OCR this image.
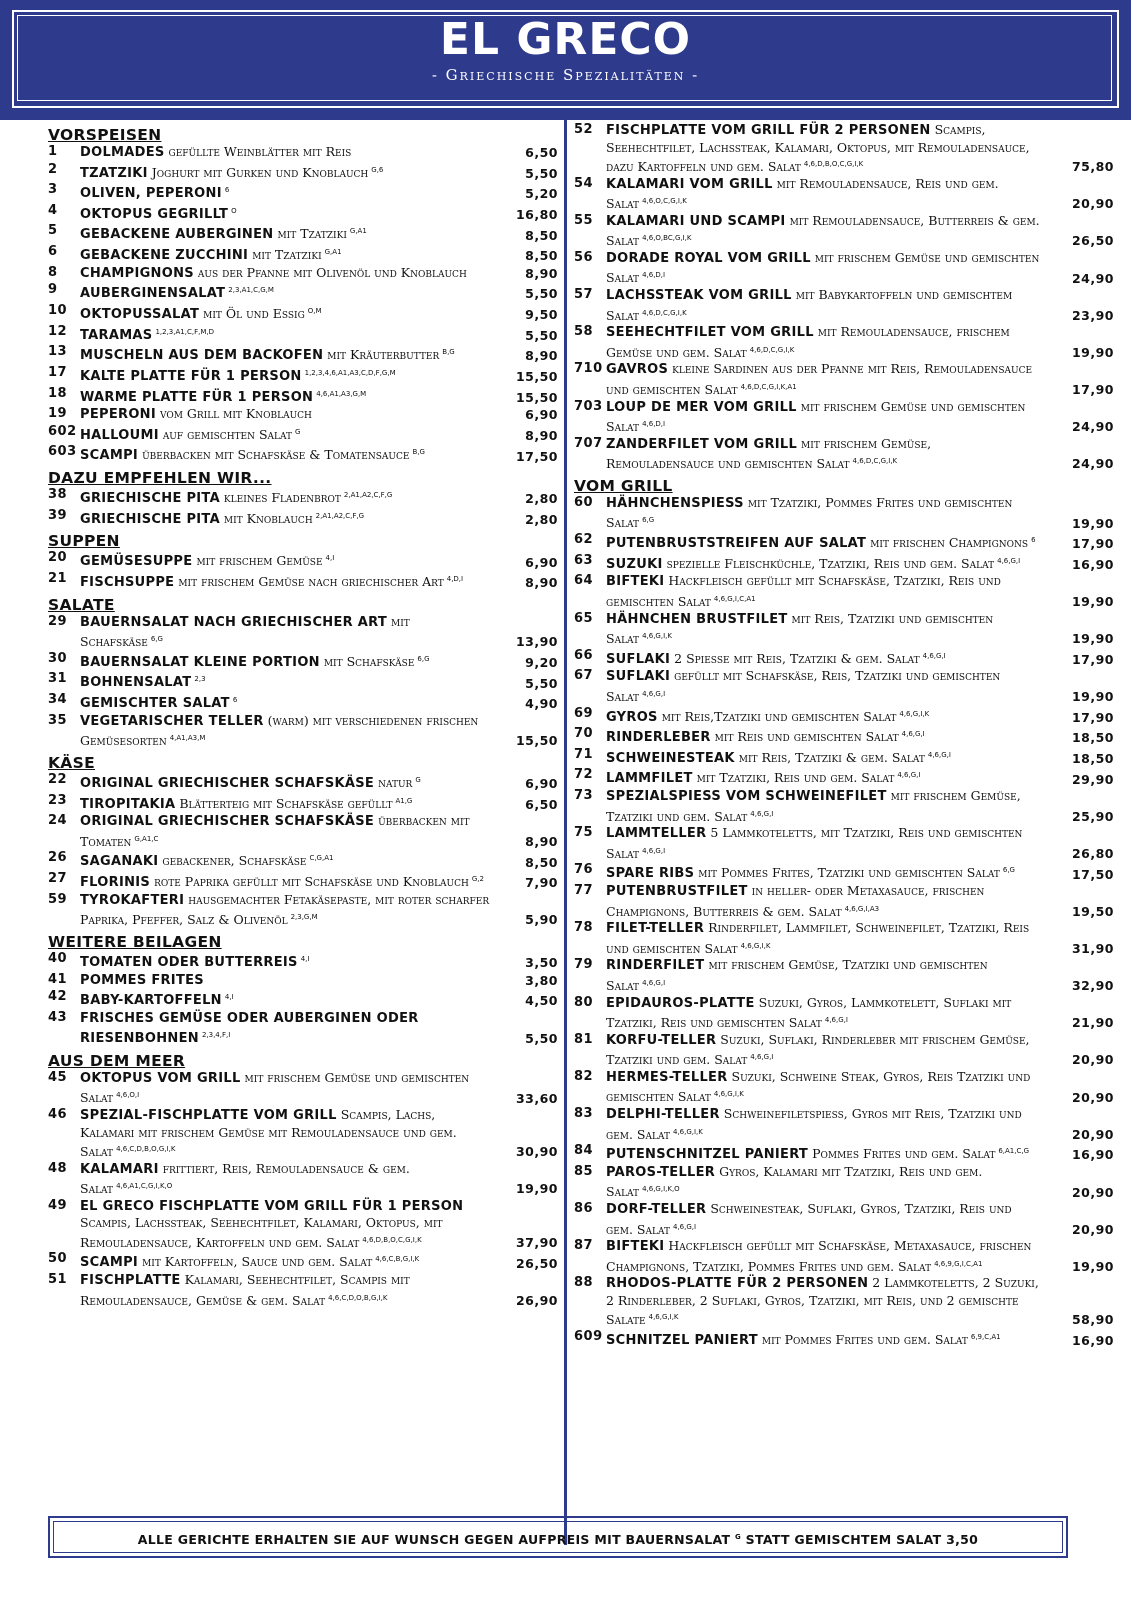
EL GRECO
- Griechische Spezialitäten -
VORSPEISEN
1	DOLMADES gefüllte Weinblätter mit Reis	6,50
2	TZATZIKI Joghurt mit Gurken und Knoblauch $^{G,6}$	5,50
3	OLIVEN, PEPERONI $^6$	5,20
4	OKTOPUS GEGRILLT $^O$	16,80
5	GEBACKENE AUBERGINEN mit Tzatziki $^{G,A1}$	8,50
6	GEBACKENE ZUCCHINI mit Tzatziki $^{G,A1}$	8,50
8	CHAMPIGNONS aus der Pfanne mit Olivenöl und Knoblauch	8,90
9	AUBERGINENSALAT $^{2,3,A1,C,G,M}$	5,50
10 OKTOPUSSALAT mit Öl und Essig $^{O,M}$	9,50
12 TARAMAS $^{1,2,3,A1,C,F,M,D}$	5,50
13 MUSCHELN AUS DEM BACKOFEN mit Kräuterbutter $^{B,G}$	8,90
17 KALTE PLATTE FÜR 1 PERSON $^{1,2,3,4,6,A1,A3,C,D,F,G,M}$	15,50
18 WARME PLATTE FÜR 1 PERSON $^{4,6,A1,A3,G,M}$	15,50
19 PEPERONI vom Grill mit Knoblauch	6,90
602 HALLOUMI auf gemischten Salat $^G$	8,90
603 SCAMPI überbacken mit Schafskäse & Tomatensauce $^{B,G}$	17,50
DAZU EMPFEHLEN WIR...
38 GRIECHISCHE PITA kleines Fladenbrot $^{2,A1,A2,C,F,G}$	2,80
39 GRIECHISCHE PITA mit Knoblauch $^{2,A1,A2,C,F,G}$	2,80
SUPPEN
20 GEMÜSESUPPE mit frischem Gemüse $^{4,I}$	6,90
21 FISCHSUPPE mit frischem Gemüse nach griechischer Art $^{4,D,I}$	8,90
SALATE
29 BAUERNSALAT NACH GRIECHISCHER ART mit Schafskäse $^{6,G}$	13,90
30 BAUERNSALAT KLEINE PORTION mit Schafskäse $^{6,G}$	9,20
31 BOHNENSALAT $^{2,3}$	5,50
34 GEMISCHTER SALAT $^6$	4,90
35 VEGETARISCHER TELLER (warm) mit verschiedenen frischen Gemüsesorten $^{4,A1,A3,M}$	15,50
KÄSE
22 ORIGINAL GRIECHISCHER SCHAFSKÄSE natur $^G$	6,90
23 TIROPITAKIA Blätterteig mit Schafskäse gefüllt $^{A1,G}$	6,50
24 ORIGINAL GRIECHISCHER SCHAFSKÄSE überbacken mit Tomaten $^{G,A1,C}$	8,90
26 SAGANAKI gebackener, Schafskäse $^{C,G,A1}$	8,50
27 FLORINIS rote Paprika gefüllt mit Schafskäse und Knoblauch $^{G,2}$	7,90
59 TYROKAFTERI hausgemachter Fetakäsepaste, mit roter scharfer Paprika, Pfeffer, Salz & Olivenöl $^{2,3,G,M}$	5,90
WEITERE BEILAGEN
40 TOMATEN ODER BUTTERREIS $^{4,I}$	3,50
41 POMMES FRITES	3,80
42 BABY-KARTOFFELN $^{4,I}$	4,50
43 FRISCHES GEMÜSE ODER AUBERGINEN ODER RIESENBOHNEN $^{2,3,4,F,I}$	5,50
AUS DEM MEER
45 OKTOPUS VOM GRILL mit frischem Gemüse und gemischten Salat $^{4,6,O,I}$	33,60
46 SPEZIAL-FISCHPLATTE VOM GRILL Scampis, Lachs, Kalamari mit frischem Gemüse mit Remouladensauce und gem. Salat $^{4,6,C,D,B,O,G,I,K}$	30,90
48 KALAMARI frittiert, Reis, Remouladensauce & gem. Salat $^{4,6,A1,C,G,I,K,O}$	19,90
49 EL GRECO FISCHPLATTE VOM GRILL FÜR 1 PERSON Scampis, Lachssteak, Seehechtfilet, Kalamari, Oktopus, mit Remouladensauce, Kartoffeln und gem. Salat $^{4,6,D,B,O,C,G,I,K}$	37,90
50 SCAMPI mit Kartoffeln, Sauce und gem. Salat $^{4,6,C,B,G,I,K}$	26,50
51 FISCHPLATTE Kalamari, Seehechtfilet, Scampis mit Remouladensauce, Gemüse & gem. Salat $^{4,6,C,D,O,B,G,I,K}$	26,90
52 FISCHPLATTE VOM GRILL FÜR 2 PERSONEN Scampis, Seehechtfilet, Lachssteak, Kalamari, Oktopus, mit Remouladensauce, dazu Kartoffeln und gem. Salat $^{4,6,D,B,O,C,G,I,K}$	75,80
54 KALAMARI VOM GRILL mit Remouladensauce, Reis und gem. Salat $^{4,6,O,C,G,I,K}$	20,90
55 KALAMARI UND SCAMPI mit Remouladensauce, Butterreis & gem. Salat $^{4,6,O,BC,G,I,K}$	26,50
56 DORADE ROYAL VOM GRILL mit frischem Gemüse und gemischten Salat $^{4,6,D,I}$	24,90
57 LACHSSTEAK VOM GRILL mit Babykartoffeln und gemischtem Salat $^{4,6,D,C,G,I,K}$	23,90
58 SEEHECHTFILET VOM GRILL mit Remouladensauce, frischem Gemüse und gem. Salat $^{4,6,D,C,G,I,K}$	19,90
710 GAVROS kleine Sardinen aus der Pfanne mit Reis, Remouladensauce und gemischten Salat $^{4,6,D,C,G,I,K,A1}$	17,90
703 LOUP DE MER VOM GRILL mit frischem Gemüse und gemischten Salat $^{4,6,D,I}$	24,90
707 ZANDERFILET VOM GRILL mit frischem Gemüse, Remouladensauce und gemischten Salat $^{4,6,D,C,G,I,K}$	24,90
VOM GRILL
60 HÄHNCHENSPIESS mit Tzatziki, Pommes Frites und gemischten Salat $^{6,G}$	19,90
62 PUTENBRUSTSTREIFEN AUF SALAT mit frischen Champignons $^6$	17,90
63 SUZUKI spezielle Fleischküchle, Tzatziki, Reis und gem. Salat $^{4,6,G,I}$	16,90
64 BIFTEKI Hackfleisch gefüllt mit Schafskäse, Tzatziki, Reis und gemischten Salat $^{4,6,G,I,C,A1}$	19,90
65 HÄHNCHEN BRUSTFILET mit Reis, Tzatziki und gemischten Salat $^{4,6,G,I,K}$	19,90
66 SUFLAKI 2 Spiesse mit Reis, Tzatziki & gem. Salat $^{4,6,G,I}$	17,90
67 SUFLAKI gefüllt mit Schafskäse, Reis, Tzatziki und gemischten Salat $^{4,6,G,I}$	19,90
69 GYROS mit Reis,Tzatziki und gemischten Salat $^{4,6,G,I,K}$	17,90
70 RINDERLEBER mit Reis und gemischten Salat $^{4,6,G,I}$	18,50
71 SCHWEINESTEAK mit Reis, Tzatziki & gem. Salat $^{4,6,G,I}$	18,50
72 LAMMFILET mit Tzatziki, Reis und gem. Salat $^{4,6,G,I}$	29,90
73 SPEZIALSPIESS VOM SCHWEINEFILET mit frischem Gemüse, Tzatziki und gem. Salat $^{4,6,G,I}$	25,90
75 LAMMTELLER 5 Lammkoteletts, mit Tzatziki, Reis und gemischten Salat $^{4,6,G,I}$	26,80
76 SPARE RIBS mit Pommes Frites, Tzatziki und gemischten Salat $^{6,G}$	17,50
77 PUTENBRUSTFILET in heller- oder Metaxasauce, frischen Champignons, Butterreis & gem. Salat $^{4,6,G,I,A3}$	19,50
78 FILET-TELLER Rinderfilet, Lammfilet, Schweinefilet, Tzatziki, Reis und gemischten Salat $^{4,6,G,I,K}$	31,90
79 RINDERFILET mit frischem Gemüse, Tzatziki und gemischten Salat $^{4,6,G,I}$	32,90
80 EPIDAUROS-PLATTE Suzuki, Gyros, Lammkotelett, Suflaki mit Tzatziki, Reis und gemischten Salat $^{4,6,G,I}$	21,90
81 KORFU-TELLER Suzuki, Suflaki, Rinderleber mit frischem Gemüse, Tzatziki und gem. Salat $^{4,6,G,I}$	20,90
82 HERMES-TELLER Suzuki, Schweine Steak, Gyros, Reis Tzatziki und gemischten Salat $^{4,6,G,I,K}$	20,90
83 DELPHI-TELLER Schweinefiletspiess, Gyros mit Reis, Tzatziki und gem. Salat $^{4,6,G,I,K}$	20,90
84 PUTENSCHNITZEL PANIERT Pommes Frites und gem. Salat $^{6,A1,C,G}$	16,90
85 PAROS-TELLER Gyros, Kalamari mit Tzatziki, Reis und gem. Salat $^{4,6,G,I,K,O}$	20,90
86 DORF-TELLER Schweinesteak, Suflaki, Gyros, Tzatziki, Reis und gem. Salat $^{4,6,G,I}$	20,90
87 BIFTEKI Hackfleisch gefüllt mit Schafskäse, Metaxasauce, frischen Champignons, Tzatziki, Pommes Frites und gem. Salat $^{4,6,9,G,I,C,A1}$	19,90
88 RHODOS-PLATTE FÜR 2 PERSONEN 2 Lammkoteletts, 2 Suzuki, 2 Rinderleber, 2 Suflaki, Gyros, Tzatziki, mit Reis, und 2 gemischte Salate $^{4,6,G,I,K}$	58,90
609 SCHNITZEL PANIERT mit Pommes Frites und gem. Salat $^{6,9,C,A1}$	16,90
ALLE GERICHTE ERHALTEN SIE AUF WUNSCH GEGEN AUFPREIS MIT BAUERNSALAT $^G$ STATT GEMISCHTEM SALAT 3,50
